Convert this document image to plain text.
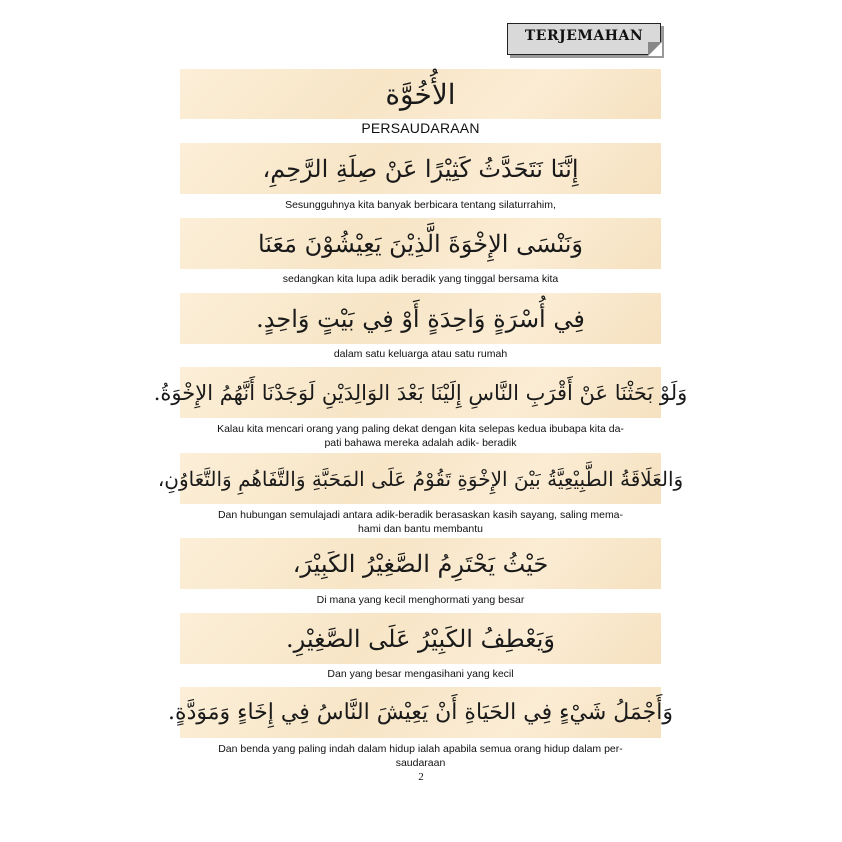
TERJEMAHAN
الأُخُوَّة
PERSAUDARAAN
إِنَّنَا نَتَحَدَّثُ كَثِيْرًا عَنْ صِلَةِ الرَّحِمِ،
Sesungguhnya kita banyak berbicara tentang silaturrahim,
وَنَنْسَى الإِخْوَةَ الَّذِيْنَ يَعِيْشُوْنَ مَعَنَا
sedangkan kita lupa adik beradik yang tinggal bersama kita
فِي أُسْرَةٍ وَاحِدَةٍ أَوْ فِي بَيْتٍ وَاحِدٍ.
dalam satu keluarga atau satu rumah
وَلَوْ بَحَثْنَا عَنْ أَقْرَبِ النَّاسِ إِلَيْنَا بَعْدَ الوَالِدَيْنِ لَوَجَدْنَا أَنَّهُمُ الإِخْوَةُ.
Kalau kita mencari orang yang paling dekat dengan kita selepas kedua ibubapa kita da-
pati bahawa mereka adalah adik- beradik
وَالعَلَاقَةُ الطَّبِيْعِيَّةُ بَيْنَ الإِخْوَةِ تَقُوْمُ عَلَى المَحَبَّةِ وَالتَّفَاهُمِ وَالتَّعَاوُنِ،
Dan hubungan semulajadi antara adik-beradik berasaskan kasih sayang, saling mema-
hami dan bantu membantu
حَيْثُ يَحْتَرِمُ الصَّغِيْرُ الكَبِيْرَ،
Di mana yang kecil menghormati yang besar
وَيَعْطِفُ الكَبِيْرُ عَلَى الصَّغِيْرِ.
Dan yang besar mengasihani yang kecil
وَأَجْمَلُ شَيْءٍ فِي الحَيَاةِ أَنْ يَعِيْشَ النَّاسُ فِي إِخَاءٍ وَمَوَدَّةٍ.
Dan benda yang paling indah dalam hidup ialah apabila semua orang hidup dalam per-
saudaraan
2
